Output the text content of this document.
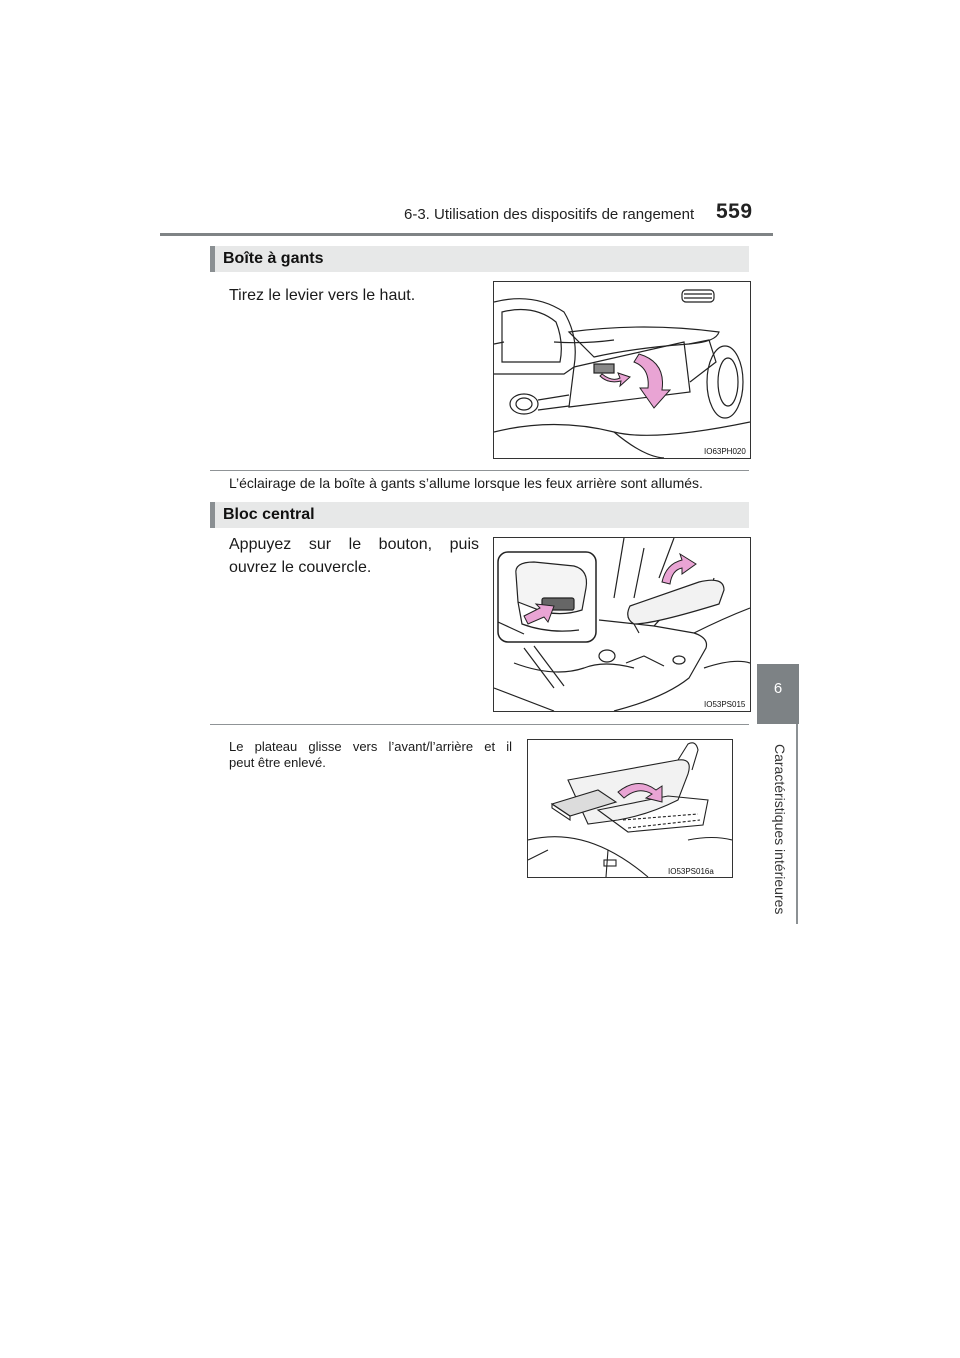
6-3. Utilisation des dispositifs de rangement 559
6
Caractéristiques intérieures
Boîte à gants
Tirez le levier vers le haut.
IO63PH020
L’éclairage de la boîte à gants s’allume lorsque les feux arrière sont allumés.
Bloc central
Appuyez sur le bouton, puis
ouvrez le couvercle.
IO53PS015
Le plateau glisse vers l’avant/l’arrière et il
peut être enlevé.
IO53PS016a
